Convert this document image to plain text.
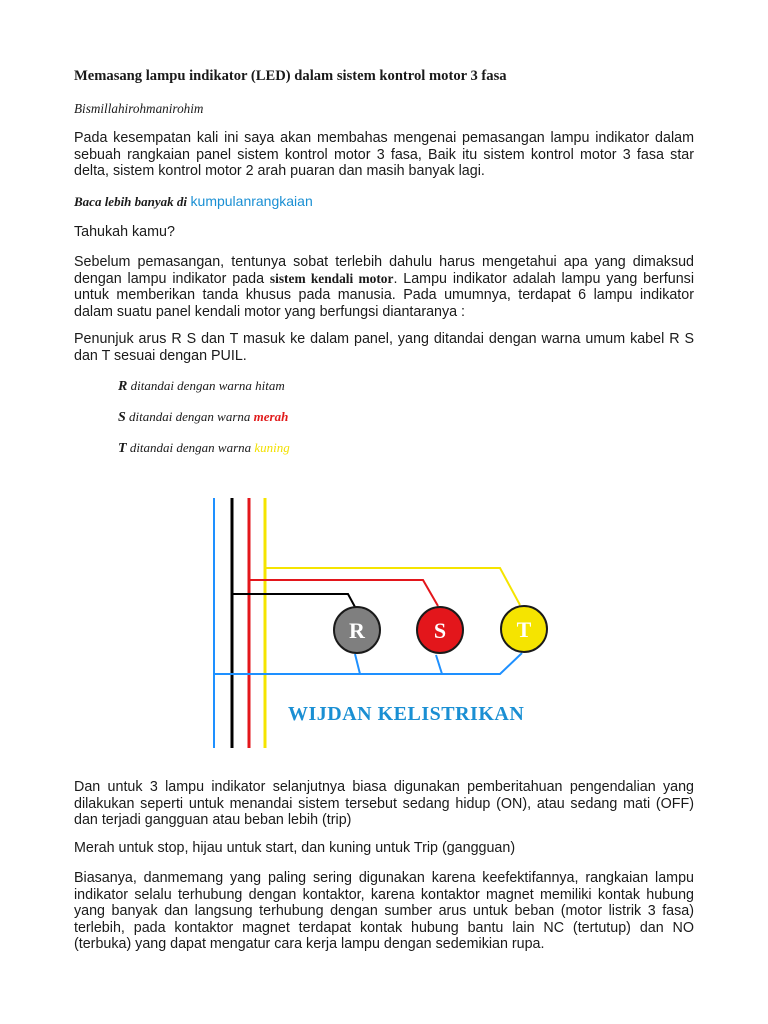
Memasang lampu indikator (LED) dalam sistem kontrol motor 3 fasa
Bismillahirohmanirohim
Pada kesempatan kali ini saya akan membahas mengenai pemasangan lampu indikator dalam sebuah rangkaian panel sistem kontrol motor 3 fasa, Baik itu sistem kontrol motor 3 fasa star delta, sistem kontrol motor 2 arah puaran dan masih banyak lagi.
Baca lebih banyak di kumpulanrangkaian
Tahukah kamu?
Sebelum pemasangan, tentunya sobat terlebih dahulu harus mengetahui apa yang dimaksud dengan lampu indikator pada sistem kendali motor. Lampu indikator adalah lampu yang berfunsi untuk memberikan tanda khusus pada manusia. Pada umumnya, terdapat 6 lampu indikator dalam suatu panel kendali motor yang berfungsi diantaranya :
Penunjuk arus R S dan T masuk ke dalam panel, yang ditandai dengan warna umum kabel R S dan T sesuai dengan PUIL.
R ditandai dengan warna hitam
S ditandai dengan warna merah
T ditandai dengan warna kuning
R	S	T
WIJDAN KELISTRIKAN
Dan untuk 3 lampu indikator selanjutnya biasa digunakan pemberitahuan pengendalian yang dilakukan seperti untuk menandai sistem tersebut sedang hidup (ON), atau sedang mati (OFF) dan terjadi gangguan atau beban lebih (trip)
Merah untuk stop, hijau untuk start, dan kuning untuk Trip (gangguan)
Biasanya, danmemang yang paling sering digunakan karena keefektifannya, rangkaian lampu indikator selalu terhubung dengan kontaktor, karena kontaktor magnet memiliki kontak hubung yang banyak dan langsung terhubung dengan sumber arus untuk beban (motor listrik 3 fasa) terlebih, pada kontaktor magnet terdapat kontak hubung bantu lain NC (tertutup) dan NO (terbuka) yang dapat mengatur cara kerja lampu dengan sedemikian rupa.
